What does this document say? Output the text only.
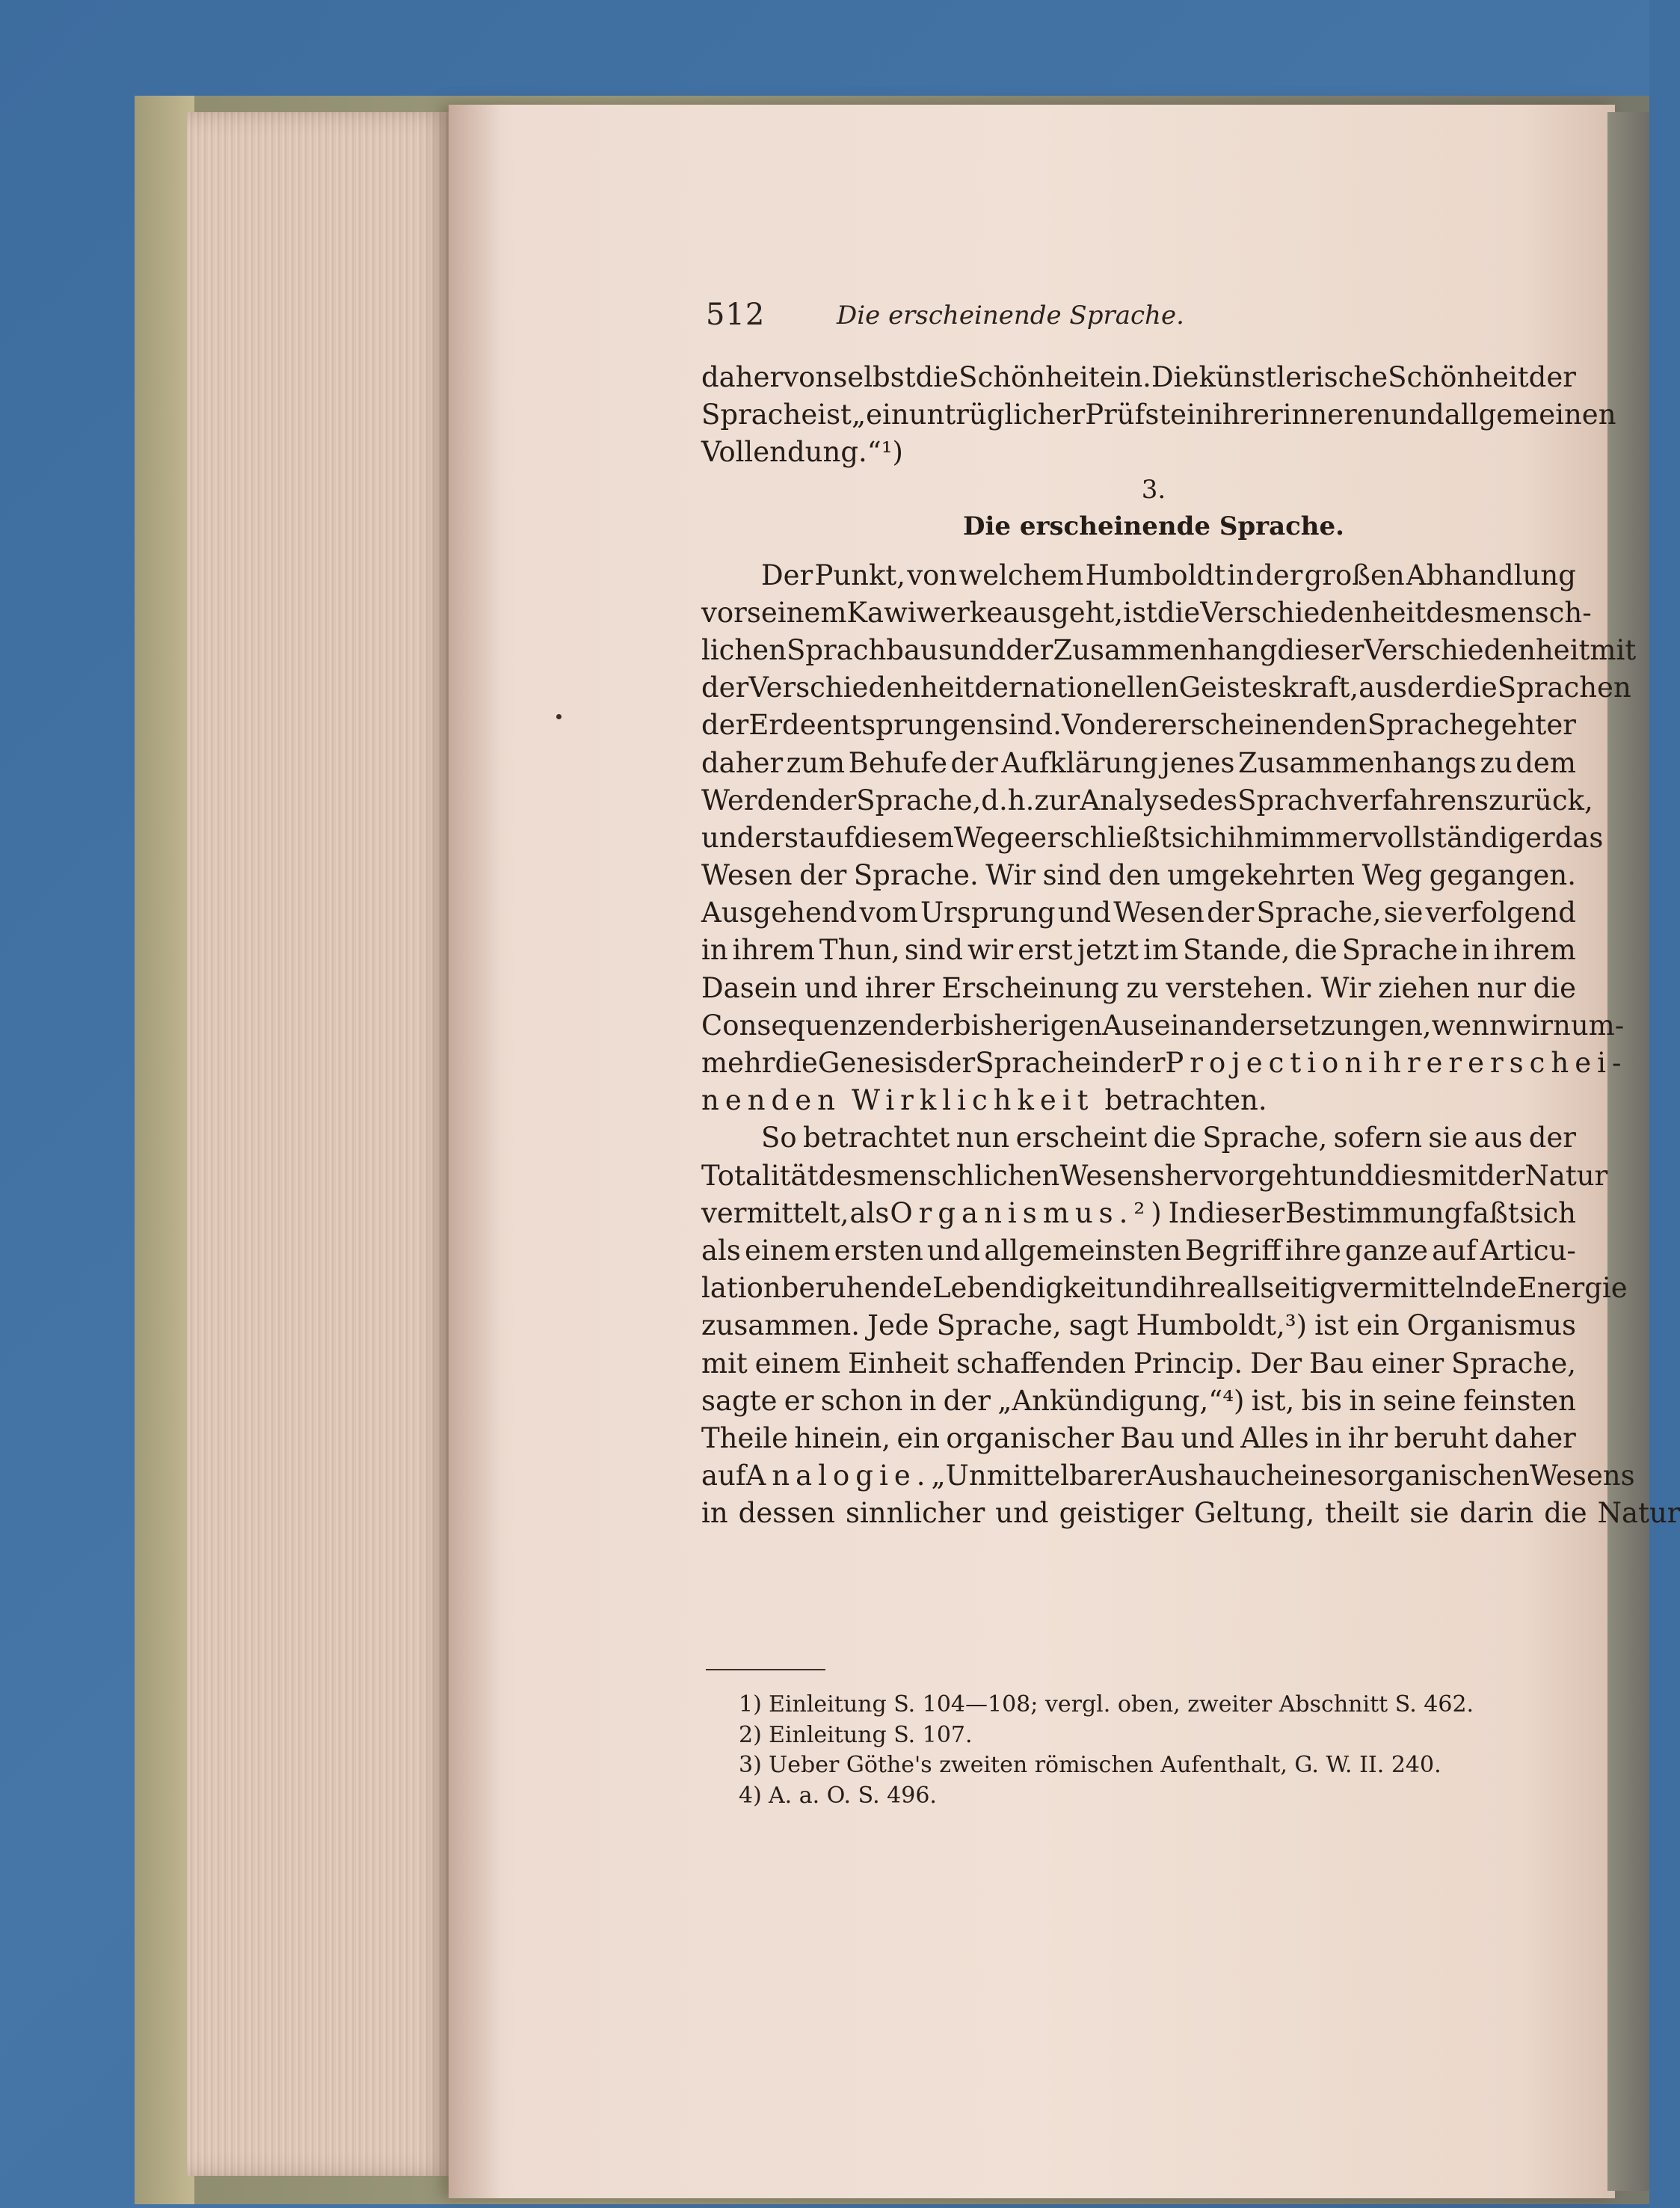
512	Die erscheinende Sprache.
daher von selbst die Schönheit ein. Die künstlerische Schönheit der
Sprache ist „ein untrüglicher Prüfstein ihrer inneren und allgemeinen
Vollendung.“¹)
3.
Die erscheinende Sprache.
Der Punkt, von welchem Humboldt in der großen Abhandlung
vor seinem Kawiwerke ausgeht, ist die Verschiedenheit des mensch-
lichen Sprachbaus und der Zusammenhang dieser Verschiedenheit mit
der Verschiedenheit der nationellen Geisteskraft, aus der die Sprachen
der Erde entsprungen sind. Von der erscheinenden Sprache geht er
daher zum Behufe der Aufklärung jenes Zusammenhangs zu dem
Werden der Sprache, d. h. zur Analyse des Sprachverfahrens zurück,
und erst auf diesem Wege erschließt sich ihm immer vollständiger das
Wesen der Sprache. Wir sind den umgekehrten Weg gegangen.
Ausgehend vom Ursprung und Wesen der Sprache, sie verfolgend
in ihrem Thun, sind wir erst jetzt im Stande, die Sprache in ihrem
Dasein und ihrer Erscheinung zu verstehen. Wir ziehen nur die
Consequenzen der bisherigen Auseinandersetzungen, wenn wir num-
mehr die Genesis der Sprache in der Projection ihrer erschei-
nenden Wirklichkeit betrachten.
So betrachtet nun erscheint die Sprache, sofern sie aus der
Totalität des menschlichen Wesens hervorgeht und dies mit der Natur
vermittelt, als Organismus.²) In dieser Bestimmung faßt sich
als einem ersten und allgemeinsten Begriff ihre ganze auf Articu-
lation beruhende Lebendigkeit und ihre allseitig vermittelnde Energie
zusammen. Jede Sprache, sagt Humboldt,³) ist ein Organismus
mit einem Einheit schaffenden Princip. Der Bau einer Sprache,
sagte er schon in der „Ankündigung,“⁴) ist, bis in seine feinsten
Theile hinein, ein organischer Bau und Alles in ihr beruht daher
auf Analogie. „Unmittelbarer Aushauch eines organischen Wesens
in dessen sinnlicher und geistiger Geltung, theilt sie darin die Natur
1) Einleitung S. 104—108; vergl. oben, zweiter Abschnitt S. 462.
2) Einleitung S. 107.
3) Ueber Göthe's zweiten römischen Aufenthalt, G. W. II. 240.
4) A. a. O. S. 496.
